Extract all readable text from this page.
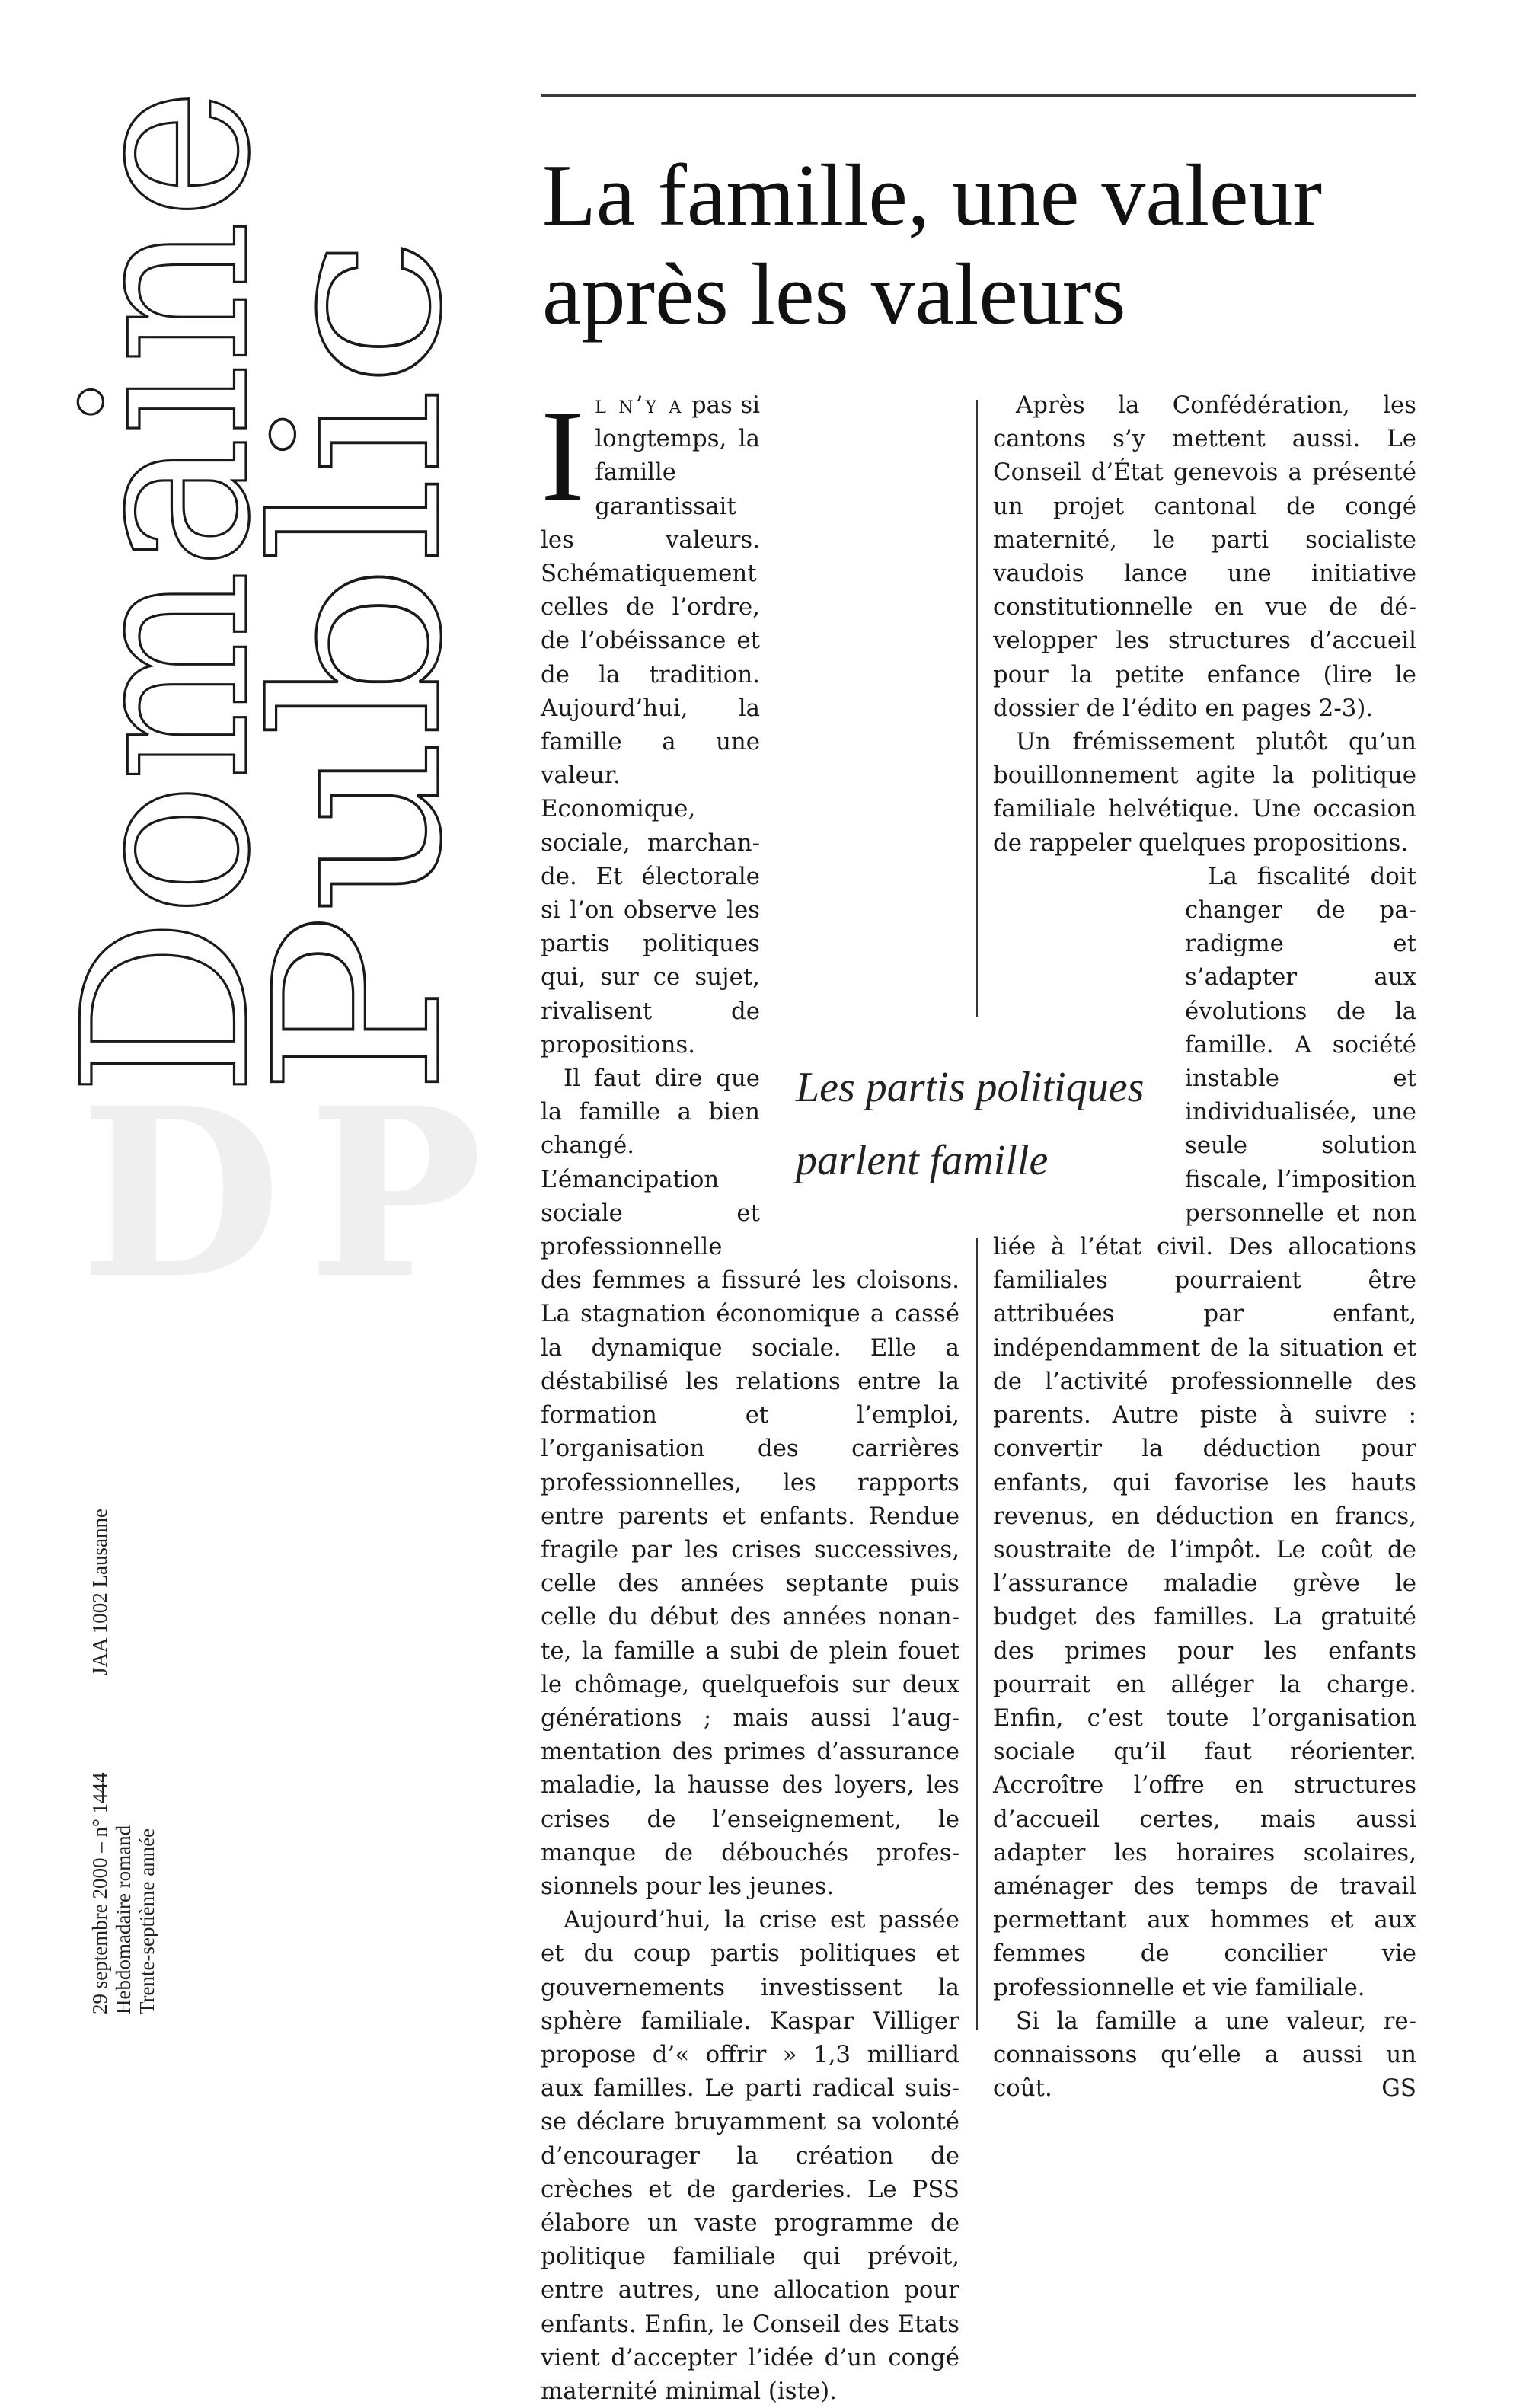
Domaine
Public
DP
29 septembre 2000 – n° 1444 Hebdomadaire romand Trente-septième année
JAA 1002 Lausanne
La famille, une valeur
après les valeurs

Il n’y a pas si longtemps, la famille garantissait les valeurs. Schématiquement celles de l’ordre, de l’obéissance et de la tradition. Aujourd’hui, la famille a une valeur. Economique, sociale, marchande. Et électorale si l’on observe les partis politiques qui, sur ce sujet, rivalisent de propositions.

Il faut dire que la famille a bien changé. L’émancipation sociale et professionnelle des femmes a fissuré les cloisons. La stagnation économique a cassé la dynamique sociale. Elle a déstabilisé les relations entre la formation et l’emploi, l’organisation des carrières professionnelles, les rapports entre parents et enfants. Rendue fragile par les crises successives, celle des années septante puis celle du début des années nonante, la famille a subi de plein fouet le chômage, quelquefois sur deux générations ; mais aussi l’augmentation des primes d’assurance maladie, la hausse des loyers, les crises de l’enseignement, le manque de débouchés professionnels pour les jeunes.

Aujourd’hui, la crise est passée et du coup partis politiques et gouvernements investissent la sphère familiale. Kaspar Villiger propose d’« offrir » 1,3 milliard aux familles. Le parti radical suisse déclare bruyamment sa volonté d’encourager la création de crèches et de garderies. Le PSS élabore un vaste programme de politique familiale qui prévoit, entre autres, une allocation pour enfants. Enfin, le Conseil des Etats vient d’accepter l’idée d’un congé maternité minimal (iste).

Après la Confédération, les cantons s’y mettent aussi. Le Conseil d’État genevois a présenté un projet cantonal de congé maternité, le parti socialiste vaudois lance une initiative constitutionnelle en vue de développer les structures d’accueil pour la petite enfance (lire le dossier de l’édito en pages 2-3).

Un frémissement plutôt qu’un bouillonnement agite la politique familiale helvétique. Une occasion de rappeler quelques propositions.

La fiscalité doit changer de paradigme et s’adapter aux évolutions de la famille. A société instable et individualisée, une seule solution fiscale, l’imposition personnelle et non liée à l’état civil. Des allocations familiales pourraient être attribuées par enfant, indépendamment de la situation et de l’activité professionnelle des parents. Autre piste à suivre : convertir la déduction pour enfants, qui favorise les hauts revenus, en déduction en francs, soustraite de l’impôt. Le coût de l’assurance maladie grève le budget des familles. La gratuité des primes pour les enfants pourrait en alléger la charge. Enfin, c’est toute l’organisation sociale qu’il faut réorienter. Accroître l’offre en structures d’accueil certes, mais aussi adapter les horaires scolaires, aménager des temps de travail permettant aux hommes et aux femmes de concilier vie professionnelle et vie familiale.

Si la famille a une valeur, reconnaissons qu’elle a aussi un coût.	GS

Les partis politiques
parlent famille
